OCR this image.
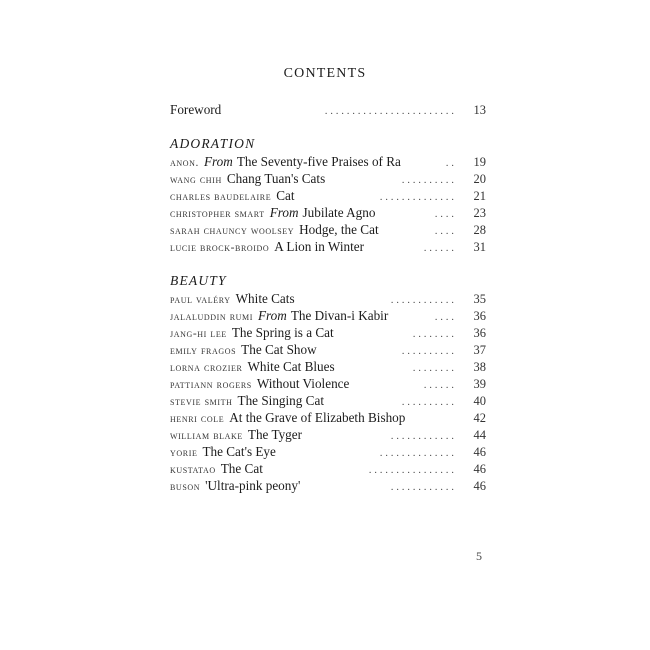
CONTENTS
Foreword	. . . . . . . . . . . . . . . . . . . . . . . .	13
ADORATION
anon. From The Seventy-five Praises of Ra	. .	19
wang chih Chang Tuan's Cats	. . . . . . . . . .	20
charles baudelaire Cat	. . . . . . . . . . . . . .	21
christopher smart From Jubilate Agno	. . . .	23
sarah chauncy woolsey Hodge, the Cat	. . . .	28
lucie brock-broido A Lion in Winter	. . . . . .	31
BEAUTY
paul valéry White Cats	. . . . . . . . . . . .	35
jalaluddin rumi From The Divan-i Kabir	. . . .	36
jang-hi lee The Spring is a Cat	. . . . . . . .	36
emily fragos The Cat Show	. . . . . . . . . .	37
lorna crozier White Cat Blues	. . . . . . . .	38
pattiann rogers Without Violence	. . . . . .	39
stevie smith The Singing Cat	. . . . . . . . . .	40
henri cole At the Grave of Elizabeth Bishop	42
william blake The Tyger	. . . . . . . . . . . .	44
yorie The Cat's Eye	. . . . . . . . . . . . . .	46
kustatao The Cat	. . . . . . . . . . . . . . . .	46
buson 'Ultra-pink peony'	. . . . . . . . . . . .	46
5
